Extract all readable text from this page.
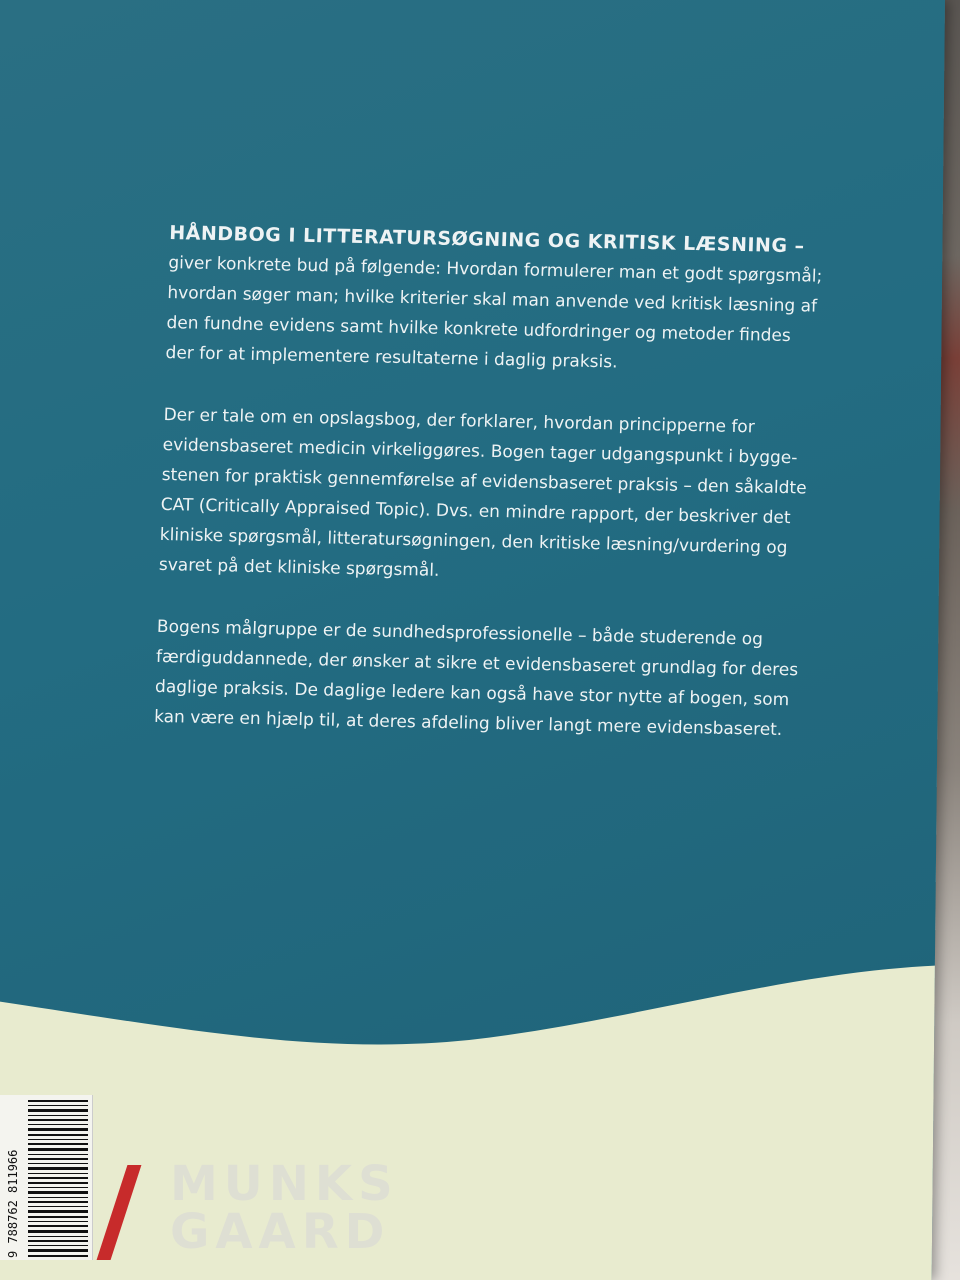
HÅNDBOG I LITTERATURSØGNING OG KRITISK LÆSNING –

giver konkrete bud på følgende: Hvordan formulerer man et godt spørgsmål;

hvordan søger man; hvilke kriterier skal man anvende ved kritisk læsning af

den fundne evidens samt hvilke konkrete udfordringer og metoder findes

der for at implementere resultaterne i daglig praksis.

Der er tale om en opslagsbog, der forklarer, hvordan principperne for

evidensbaseret medicin virkeliggøres. Bogen tager udgangspunkt i bygge-

stenen for praktisk gennemførelse af evidensbaseret praksis – den såkaldte

CAT (Critically Appraised Topic). Dvs. en mindre rapport, der beskriver det

kliniske spørgsmål, litteratursøgningen, den kritiske læsning/vurdering og

svaret på det kliniske spørgsmål.

Bogens målgruppe er de sundhedsprofessionelle – både studerende og

færdiguddannede, der ønsker at sikre et evidensbaseret grundlag for deres

daglige praksis. De daglige ledere kan også have stor nytte af bogen, som

kan være en hjælp til, at deres afdeling bliver langt mere evidensbaseret.

9 788762 811966	MUNKS
GAARD
